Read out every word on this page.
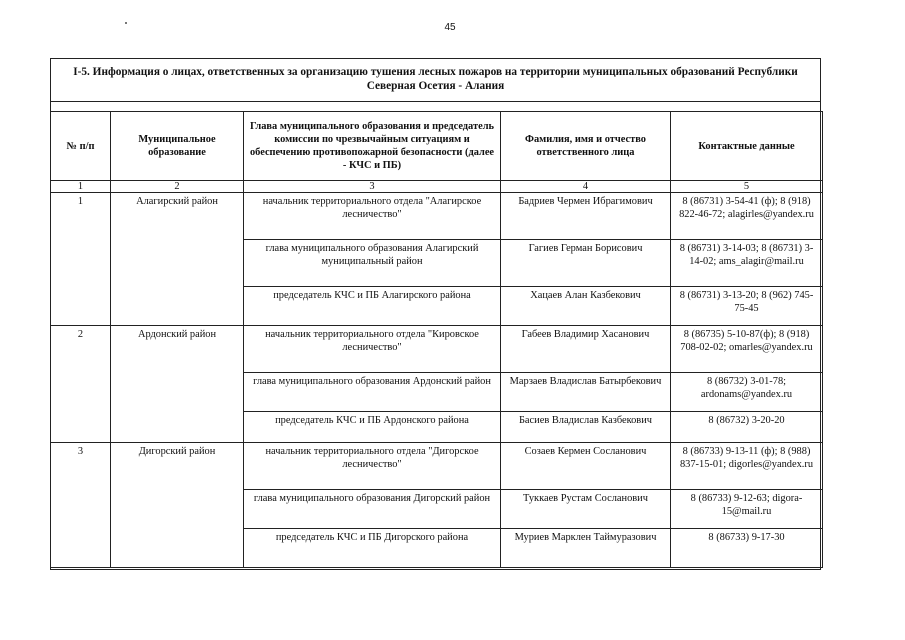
45
I-5. Информация о лицах, ответственных за организацию тушения лесных пожаров на территории муниципальных образований Республики Северная Осетия - Алания
№ п/п	Муниципальное образование	Глава муниципального образования и председатель комиссии по чрезвычайным ситуациям и обеспечению противопожарной безопасности (далее - КЧС и ПБ)	Фамилия, имя и отчество ответственного лица	Контактные данные
1	2	3	4	5
1	Алагирский район	начальник территориального отдела "Алагирское лесничество"	Бадриев Чермен Ибрагимович	8 (86731) 3-54-41 (ф); 8 (918) 822-46-72; alagirles@yandex.ru
		глава муниципального образования Алагирский муниципальный район	Гагиев Герман Борисович	8 (86731) 3-14-03; 8 (86731) 3-14-02; ams_alagir@mail.ru
		председатель КЧС и ПБ Алагирского района	Хацаев Алан Казбекович	8 (86731) 3-13-20; 8 (962) 745-75-45
2	Ардонский район	начальник территориального отдела "Кировское лесничество"	Габеев Владимир Хасанович	8 (86735) 5-10-87(ф); 8 (918) 708-02-02; omarles@yandex.ru
		глава муниципального образования Ардонский район	Марзаев Владислав Батырбекович	8 (86732) 3-01-78; ardonams@yandex.ru
		председатель КЧС и ПБ Ардонского района	Басиев Владислав Казбекович	8 (86732) 3-20-20
3	Дигорский район	начальник территориального отдела "Дигорское лесничество"	Созаев Кермен Сосланович	8 (86733) 9-13-11 (ф); 8 (988) 837-15-01; digorles@yandex.ru
		глава муниципального образования Дигорский район	Туккаев Рустам Сосланович	8 (86733) 9-12-63; digora-15@mail.ru
		председатель КЧС и ПБ Дигорского района	Муриев Марклен Таймуразович	8 (86733) 9-17-30
